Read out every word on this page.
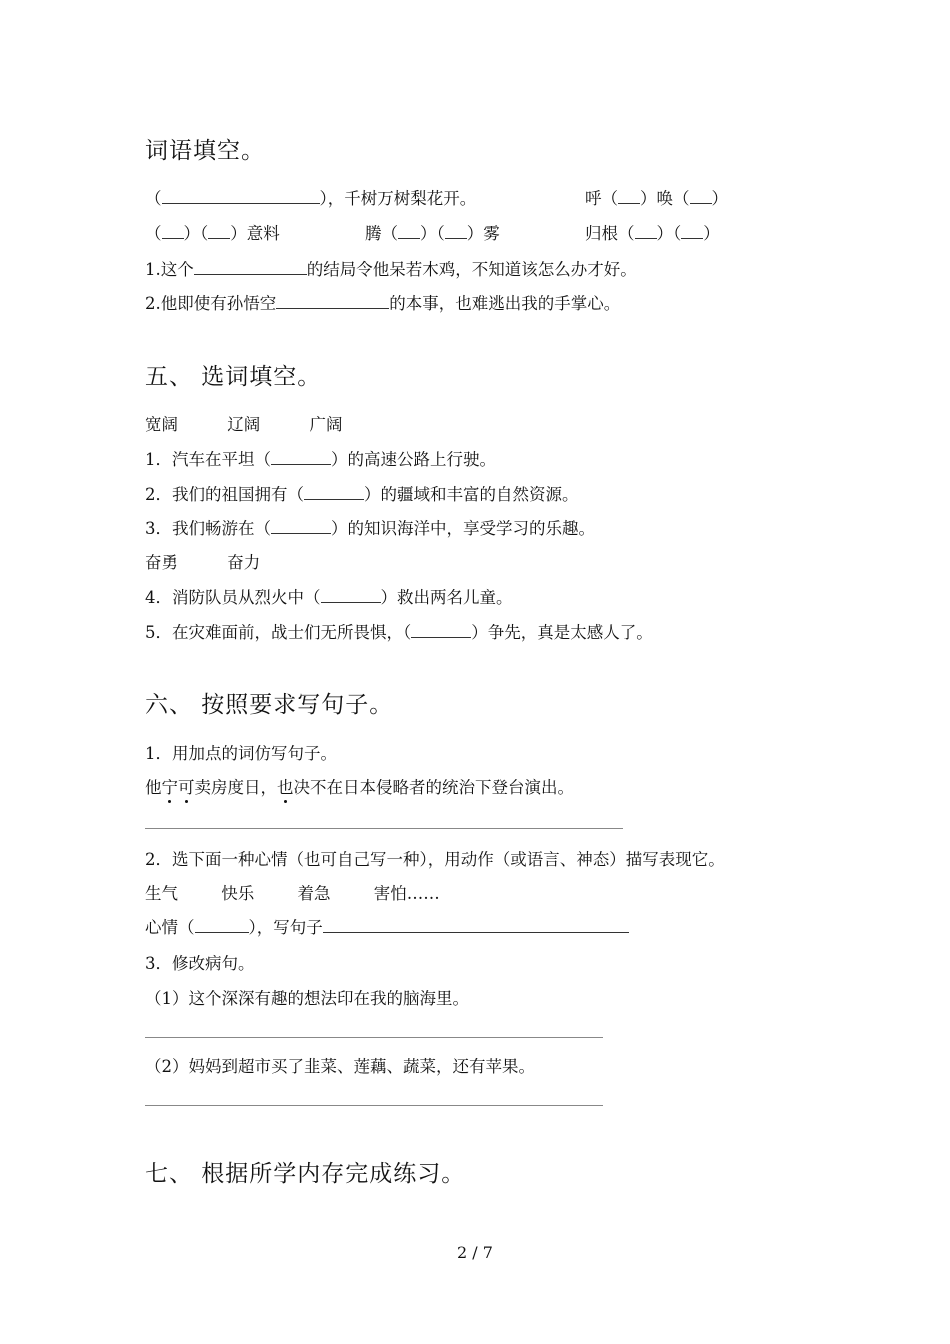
词语填空。
（	），千树万树梨花开。	呼（ ）唤（ ）
（ ）（ ）意料	腾（ ）（ ）雾	归根（ ）（ ）
1.这个	的结局令他呆若木鸡，不知道该怎么办才好。
2.他即使有孙悟空	的本事，也难逃出我的手掌心。
五、 选词填空。
宽阔	辽阔	广阔
1．汽车在平坦（	）的高速公路上行驶。
2．我们的祖国拥有（	）的疆域和丰富的自然资源。
3．我们畅游在（	）的知识海洋中，享受学习的乐趣。
奋勇	奋力
4．消防队员从烈火中（	）救出两名儿童。
5．在灾难面前，战士们无所畏惧，（	）争先，真是太感人了。
六、 按照要求写句子。
1．用加点的词仿写句子。
他宁可卖房度日，也决不在日本侵略者的统治下登台演出。
2．选下面一种心情（也可自己写一种），用动作（或语言、神态）描写表现它。
生气	快乐	着急	害怕……
心情（	），写句子
3．修改病句。
（1）这个深深有趣的想法印在我的脑海里。
（2）妈妈到超市买了韭菜、莲藕、蔬菜，还有苹果。
七、 根据所学内存完成练习。
2 / 7
